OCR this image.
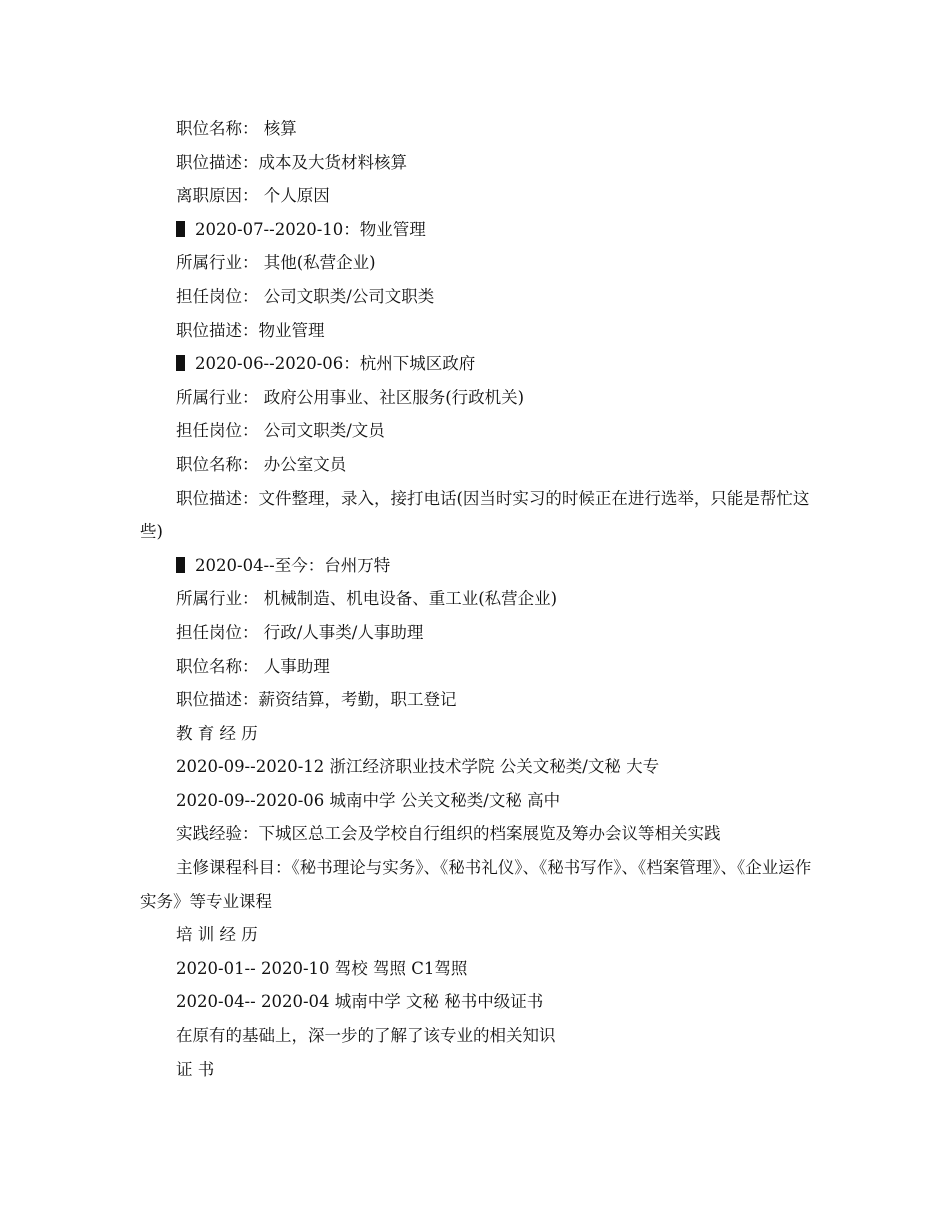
职位名称： 核算
职位描述：成本及大货材料核算
离职原因： 个人原因
2020-07--2020-10：物业管理
所属行业： 其他(私营企业)
担任岗位： 公司文职类/公司文职类
职位描述：物业管理
2020-06--2020-06：杭州下城区政府
所属行业： 政府公用事业、社区服务(行政机关)
担任岗位： 公司文职类/文员
职位名称： 办公室文员
职位描述：文件整理，录入，接打电话(因当时实习的时候正在进行选举，只能是帮忙这些)
2020-04--至今：台州万特
所属行业： 机械制造、机电设备、重工业(私营企业)
担任岗位： 行政/人事类/人事助理
职位名称： 人事助理
职位描述：薪资结算，考勤，职工登记
教 育 经 历
2020-09--2020-12 浙江经济职业技术学院 公关文秘类/文秘 大专
2020-09--2020-06 城南中学 公关文秘类/文秘 高中
实践经验：下城区总工会及学校自行组织的档案展览及筹办会议等相关实践
主修课程科目：《秘书理论与实务》、《秘书礼仪》、《秘书写作》、《档案管理》、《企业运作实务》等专业课程
培 训 经 历
2020-01-- 2020-10 驾校 驾照 C1驾照
2020-04-- 2020-04 城南中学 文秘 秘书中级证书
在原有的基础上，深一步的了解了该专业的相关知识
证 书
